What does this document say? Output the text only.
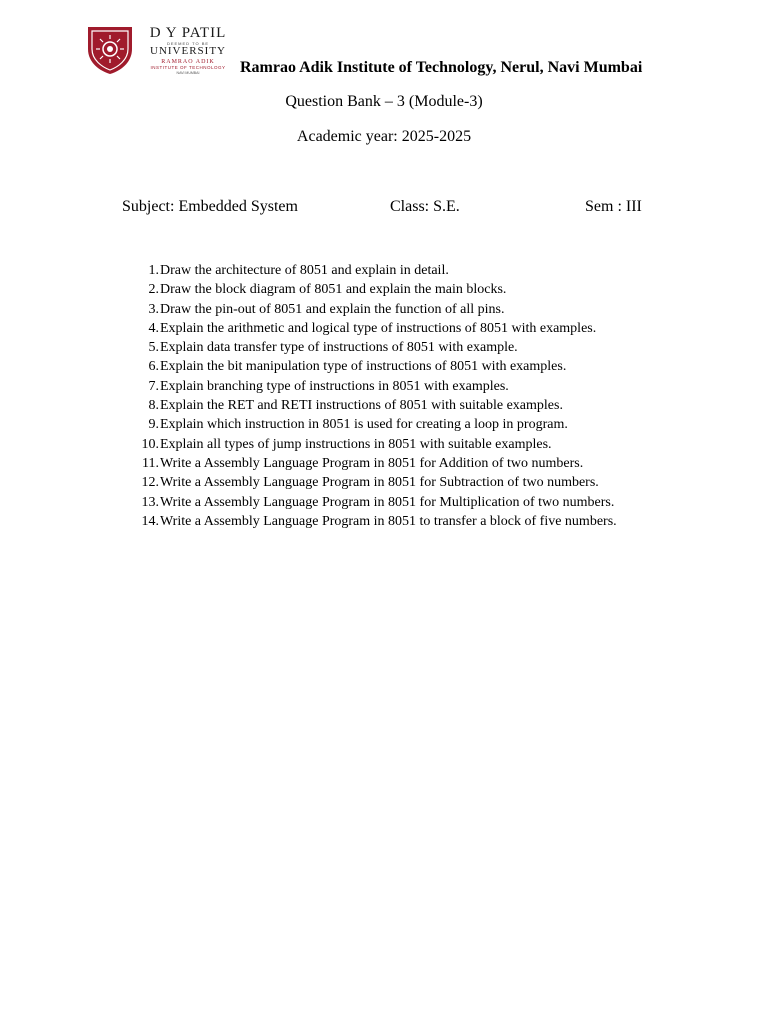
D Y PATIL
DEEMED TO BE
UNIVERSITY
RAMRAO ADIK
INSTITUTE OF TECHNOLOGY
NAVI MUMBAI	Ramrao Adik Institute of Technology, Nerul, Navi Mumbai
Question Bank – 3 (Module-3)
Academic year: 2025-2025
Subject: Embedded System	Class: S.E.	Sem : III
1. Draw the architecture of 8051 and explain in detail.
2. Draw the block diagram of 8051 and explain the main blocks.
3. Draw the pin-out of 8051 and explain the function of all pins.
4. Explain the arithmetic and logical type of instructions of 8051 with examples.
5. Explain data transfer type of instructions of 8051 with example.
6. Explain the bit manipulation type of instructions of 8051 with examples.
7. Explain branching type of instructions in 8051 with examples.
8. Explain the RET and RETI instructions of 8051 with suitable examples.
9. Explain which instruction in 8051 is used for creating a loop in program.
10. Explain all types of jump instructions in 8051 with suitable examples.
11. Write a Assembly Language Program in 8051 for Addition of two numbers.
12. Write a Assembly Language Program in 8051 for Subtraction of two numbers.
13. Write a Assembly Language Program in 8051 for Multiplication of two numbers.
14. Write a Assembly Language Program in 8051 to transfer a block of five numbers.
